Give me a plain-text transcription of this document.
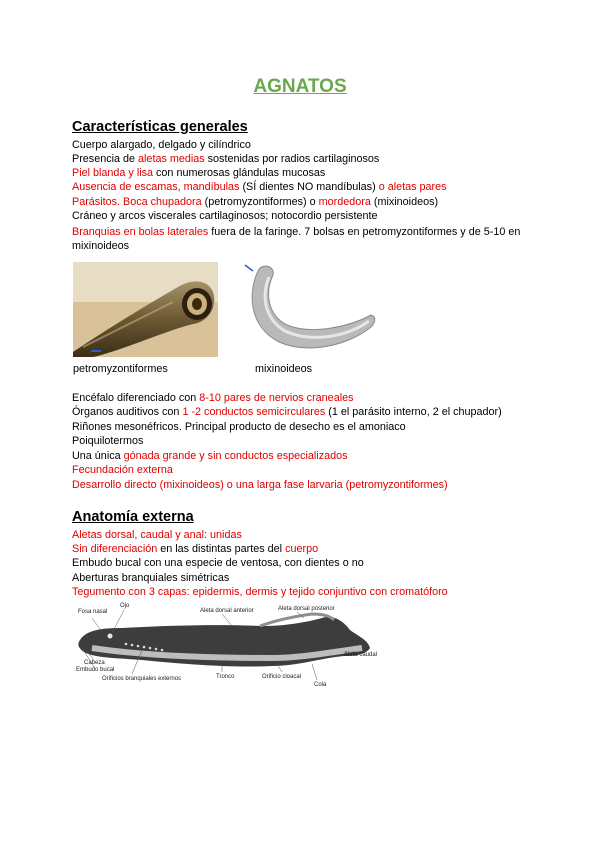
AGNATOS
Características generales
Cuerpo alargado, delgado y cilíndrico
Presencia de aletas medias sostenidas por radios cartilaginosos
Piel blanda y lisa con numerosas glándulas mucosas
Ausencia de escamas, mandíbulas (SÍ dientes NO mandíbulas) o aletas pares
Parásitos. Boca chupadora (petromyzontiformes) o mordedora (mixinoideos)
Cráneo y arcos viscerales cartilaginosos; notocordio persistente
Branquias en bolas laterales fuera de la faringe. 7 bolsas en petromyzontiformes y de 5-10 en mixinoideos
petromyzontiformes	mixinoideos
Encéfalo diferenciado con 8-10 pares de nervios craneales
Órganos auditivos con 1 -2 conductos semicirculares (1 el parásito interno, 2 el chupador)
Riñones mesonéfricos. Principal producto de desecho es el amoniaco
Poiquilotermos
Una única gónada grande y sin conductos especializados
Fecundación externa
Desarrollo directo (mixinoideos) o una larga fase larvaria (petromyzontiformes)
Anatomía externa
Aletas dorsal, caudal y anal: unidas
Sin diferenciación en las distintas partes del cuerpo
Embudo bucal con una especie de ventosa, con dientes o no
Aberturas branquiales simétricas
Tegumento con 3 capas: epidermis, dermis y tejido conjuntivo con cromatóforo
Fosa nasal
Ojo
Cabeza
Embudo bucal
Orificios branquiales externos
Aleta dorsal anterior	Aleta dorsal posterior
Tronco	Orificio cloacal
Aleta caudal
Cola
